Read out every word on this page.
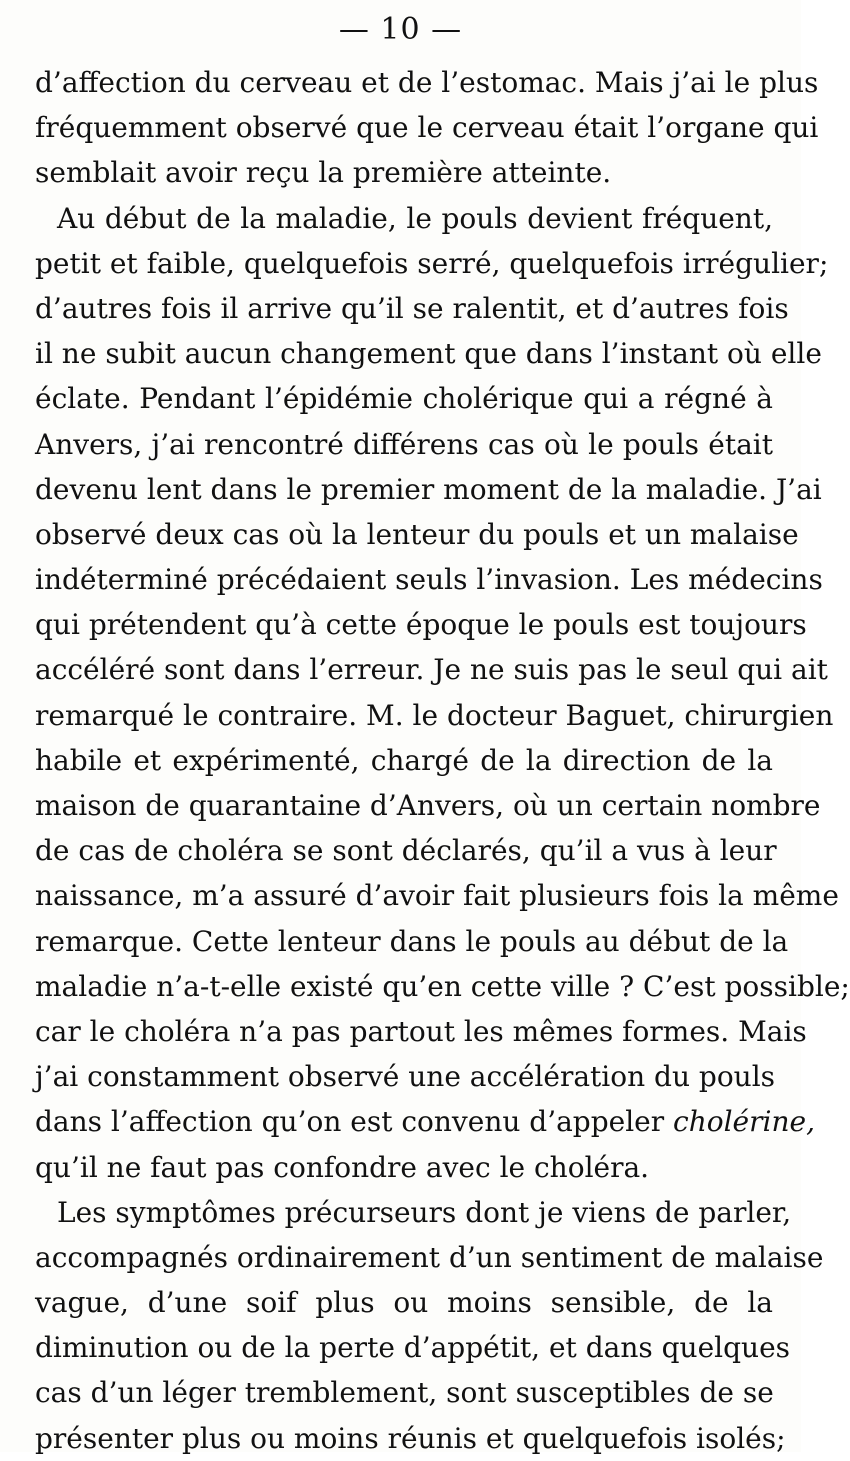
— 10 —
d’affection du cerveau et de l’estomac. Mais j’ai le plus
fréquemment observé que le cerveau était l’organe qui
semblait avoir reçu la première atteinte.
Au début de la maladie, le pouls devient fréquent,
petit et faible, quelquefois serré, quelquefois irrégulier;
d’autres fois il arrive qu’il se ralentit, et d’autres fois
il ne subit aucun changement que dans l’instant où elle
éclate. Pendant l’épidémie cholérique qui a régné à
Anvers, j’ai rencontré différens cas où le pouls était
devenu lent dans le premier moment de la maladie. J’ai
observé deux cas où la lenteur du pouls et un malaise
indéterminé précédaient seuls l’invasion. Les médecins
qui prétendent qu’à cette époque le pouls est toujours
accéléré sont dans l’erreur. Je ne suis pas le seul qui ait
remarqué le contraire. M. le docteur Baguet, chirurgien
habile et expérimenté, chargé de la direction de la
maison de quarantaine d’Anvers, où un certain nombre
de cas de choléra se sont déclarés, qu’il a vus à leur
naissance, m’a assuré d’avoir fait plusieurs fois la même
remarque. Cette lenteur dans le pouls au début de la
maladie n’a-t-elle existé qu’en cette ville ? C’est possible;
car le choléra n’a pas partout les mêmes formes. Mais
j’ai constamment observé une accélération du pouls
dans l’affection qu’on est convenu d’appeler cholérine,
qu’il ne faut pas confondre avec le choléra.
Les symptômes précurseurs dont je viens de parler,
accompagnés ordinairement d’un sentiment de malaise
vague, d’une soif plus ou moins sensible, de la
diminution ou de la perte d’appétit, et dans quelques
cas d’un léger tremblement, sont susceptibles de se
présenter plus ou moins réunis et quelquefois isolés;
